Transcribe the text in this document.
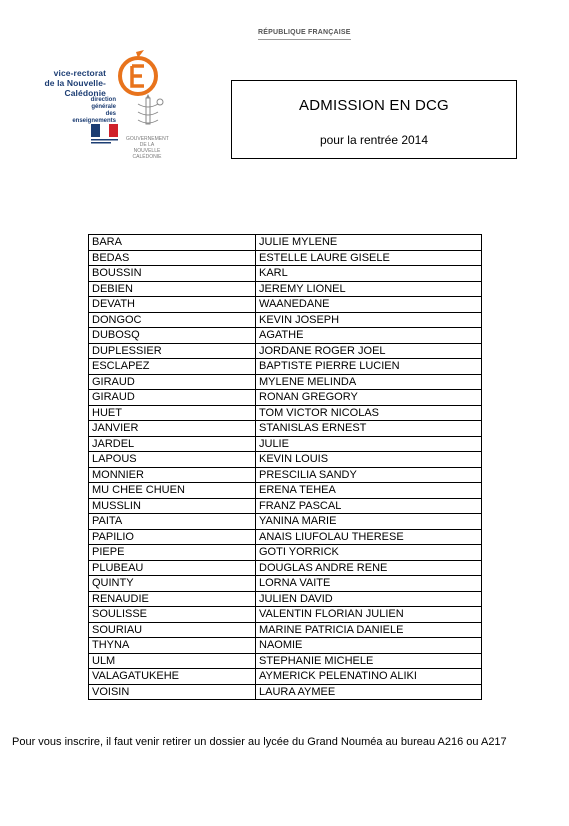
RÉPUBLIQUE FRANÇAISE
vice-rectorat
de la Nouvelle-Calédonie
direction
générale
des enseignements
GOUVERNEMENT DE LA
NOUVELLE
CALÉDONIE
ADMISSION EN DCG
pour la rentrée 2014
BARA	JULIE MYLENE
BEDAS	ESTELLE LAURE GISELE
BOUSSIN	KARL
DEBIEN	JEREMY LIONEL
DEVATH	WAANEDANE
DONGOC	KEVIN JOSEPH
DUBOSQ	AGATHE
DUPLESSIER	JORDANE ROGER JOEL
ESCLAPEZ	BAPTISTE PIERRE LUCIEN
GIRAUD	MYLENE MELINDA
GIRAUD	RONAN GREGORY
HUET	TOM VICTOR NICOLAS
JANVIER	STANISLAS ERNEST
JARDEL	JULIE
LAPOUS	KEVIN LOUIS
MONNIER	PRESCILIA SANDY
MU CHEE CHUEN	ERENA TEHEA
MUSSLIN	FRANZ PASCAL
PAITA	YANINA MARIE
PAPILIO	ANAIS LIUFOLAU THERESE
PIEPE	GOTI YORRICK
PLUBEAU	DOUGLAS ANDRE RENE
QUINTY	LORNA VAITE
RENAUDIE	JULIEN DAVID
SOULISSE	VALENTIN FLORIAN JULIEN
SOURIAU	MARINE PATRICIA DANIELE
THYNA	NAOMIE
ULM	STEPHANIE MICHELE
VALAGATUKEHE	AYMERICK PELENATINO ALIKI
VOISIN	LAURA AYMEE
Pour vous inscrire, il faut venir retirer un dossier au lycée du Grand Nouméa au bureau A216 ou A217
